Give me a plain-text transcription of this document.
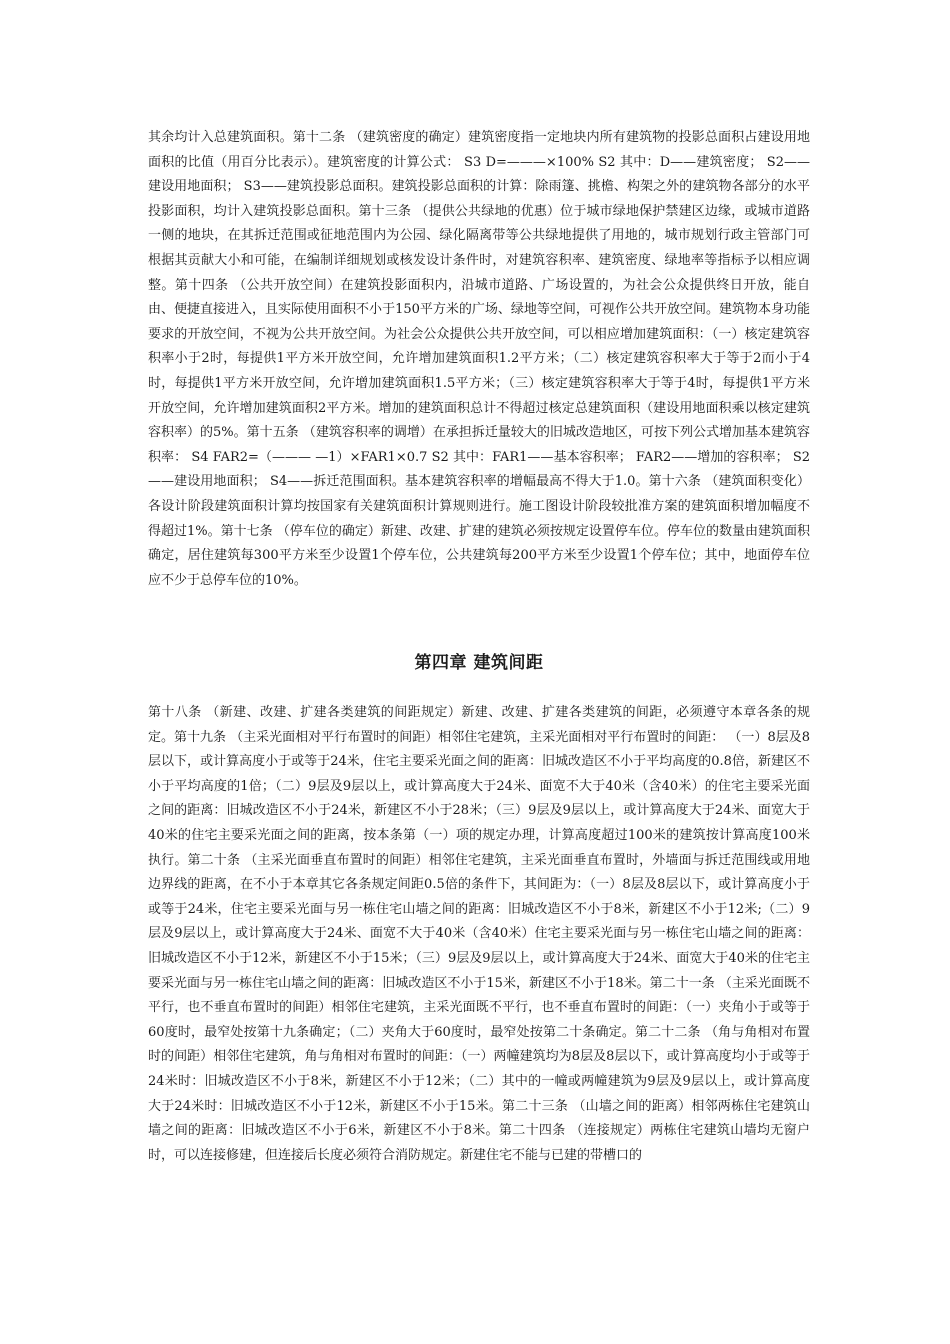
其余均计入总建筑面积。第十二条 （建筑密度的确定）建筑密度指一定地块内所有建筑物的投影总面积占建设用地面积的比值（用百分比表示）。建筑密度的计算公式： S3 D=———×100% S2 其中：D——建筑密度； S2——建设用地面积； S3——建筑投影总面积。建筑投影总面积的计算：除雨篷、挑檐、构架之外的建筑物各部分的水平投影面积，均计入建筑投影总面积。第十三条 （提供公共绿地的优惠）位于城市绿地保护禁建区边缘，或城市道路一侧的地块，在其拆迁范围或征地范围内为公园、绿化隔离带等公共绿地提供了用地的，城市规划行政主管部门可根据其贡献大小和可能，在编制详细规划或核发设计条件时，对建筑容积率、建筑密度、绿地率等指标予以相应调整。第十四条 （公共开放空间）在建筑投影面积内，沿城市道路、广场设置的，为社会公众提供终日开放，能自由、便捷直接进入，且实际使用面积不小于150平方米的广场、绿地等空间，可视作公共开放空间。建筑物本身功能要求的开放空间，不视为公共开放空间。为社会公众提供公共开放空间，可以相应增加建筑面积：（一）核定建筑容积率小于2时，每提供1平方米开放空间，允许增加建筑面积1.2平方米；（二）核定建筑容积率大于等于2而小于4时，每提供1平方米开放空间，允许增加建筑面积1.5平方米；（三）核定建筑容积率大于等于4时，每提供1平方米开放空间，允许增加建筑面积2平方米。增加的建筑面积总计不得超过核定总建筑面积（建设用地面积乘以核定建筑容积率）的5%。第十五条 （建筑容积率的调增）在承担拆迁量较大的旧城改造地区，可按下列公式增加基本建筑容积率： S4 FAR2=（——— —1）×FAR1×0.7 S2 其中：FAR1——基本容积率； FAR2——增加的容积率； S2——建设用地面积； S4——拆迁范围面积。基本建筑容积率的增幅最高不得大于1.0。第十六条 （建筑面积变化）各设计阶段建筑面积计算均按国家有关建筑面积计算规则进行。施工图设计阶段较批准方案的建筑面积增加幅度不得超过1%。第十七条 （停车位的确定）新建、改建、扩建的建筑必须按规定设置停车位。停车位的数量由建筑面积确定，居住建筑每300平方米至少设置1个停车位，公共建筑每200平方米至少设置1个停车位；其中，地面停车位应不少于总停车位的10%。

第四章 建筑间距

第十八条 （新建、改建、扩建各类建筑的间距规定）新建、改建、扩建各类建筑的间距，必须遵守本章各条的规定。第十九条 （主采光面相对平行布置时的间距）相邻住宅建筑，主采光面相对平行布置时的间距： （一）8层及8层以下，或计算高度小于或等于24米，住宅主要采光面之间的距离：旧城改造区不小于平均高度的0.8倍，新建区不小于平均高度的1倍；（二）9层及9层以上，或计算高度大于24米、面宽不大于40米（含40米）的住宅主要采光面之间的距离：旧城改造区不小于24米，新建区不小于28米；（三）9层及9层以上，或计算高度大于24米、面宽大于40米的住宅主要采光面之间的距离，按本条第（一）项的规定办理，计算高度超过100米的建筑按计算高度100米执行。第二十条 （主采光面垂直布置时的间距）相邻住宅建筑，主采光面垂直布置时，外墙面与拆迁范围线或用地边界线的距离，在不小于本章其它各条规定间距0.5倍的条件下，其间距为：（一）8层及8层以下，或计算高度小于或等于24米，住宅主要采光面与另一栋住宅山墙之间的距离：旧城改造区不小于8米，新建区不小于12米;（二）9层及9层以上，或计算高度大于24米、面宽不大于40米（含40米）住宅主要采光面与另一栋住宅山墙之间的距离：旧城改造区不小于12米，新建区不小于15米；（三）9层及9层以上，或计算高度大于24米、面宽大于40米的住宅主要采光面与另一栋住宅山墙之间的距离：旧城改造区不小于15米，新建区不小于18米。第二十一条 （主采光面既不平行，也不垂直布置时的间距）相邻住宅建筑，主采光面既不平行，也不垂直布置时的间距：（一）夹角小于或等于60度时，最窄处按第十九条确定；（二）夹角大于60度时，最窄处按第二十条确定。第二十二条 （角与角相对布置时的间距）相邻住宅建筑，角与角相对布置时的间距：（一）两幢建筑均为8层及8层以下，或计算高度均小于或等于24米时：旧城改造区不小于8米，新建区不小于12米；（二）其中的一幢或两幢建筑为9层及9层以上，或计算高度大于24米时：旧城改造区不小于12米，新建区不小于15米。第二十三条 （山墙之间的距离）相邻两栋住宅建筑山墙之间的距离：旧城改造区不小于6米，新建区不小于8米。第二十四条 （连接规定）两栋住宅建筑山墙均无窗户时，可以连接修建，但连接后长度必须符合消防规定。新建住宅不能与已建的带槽口的
